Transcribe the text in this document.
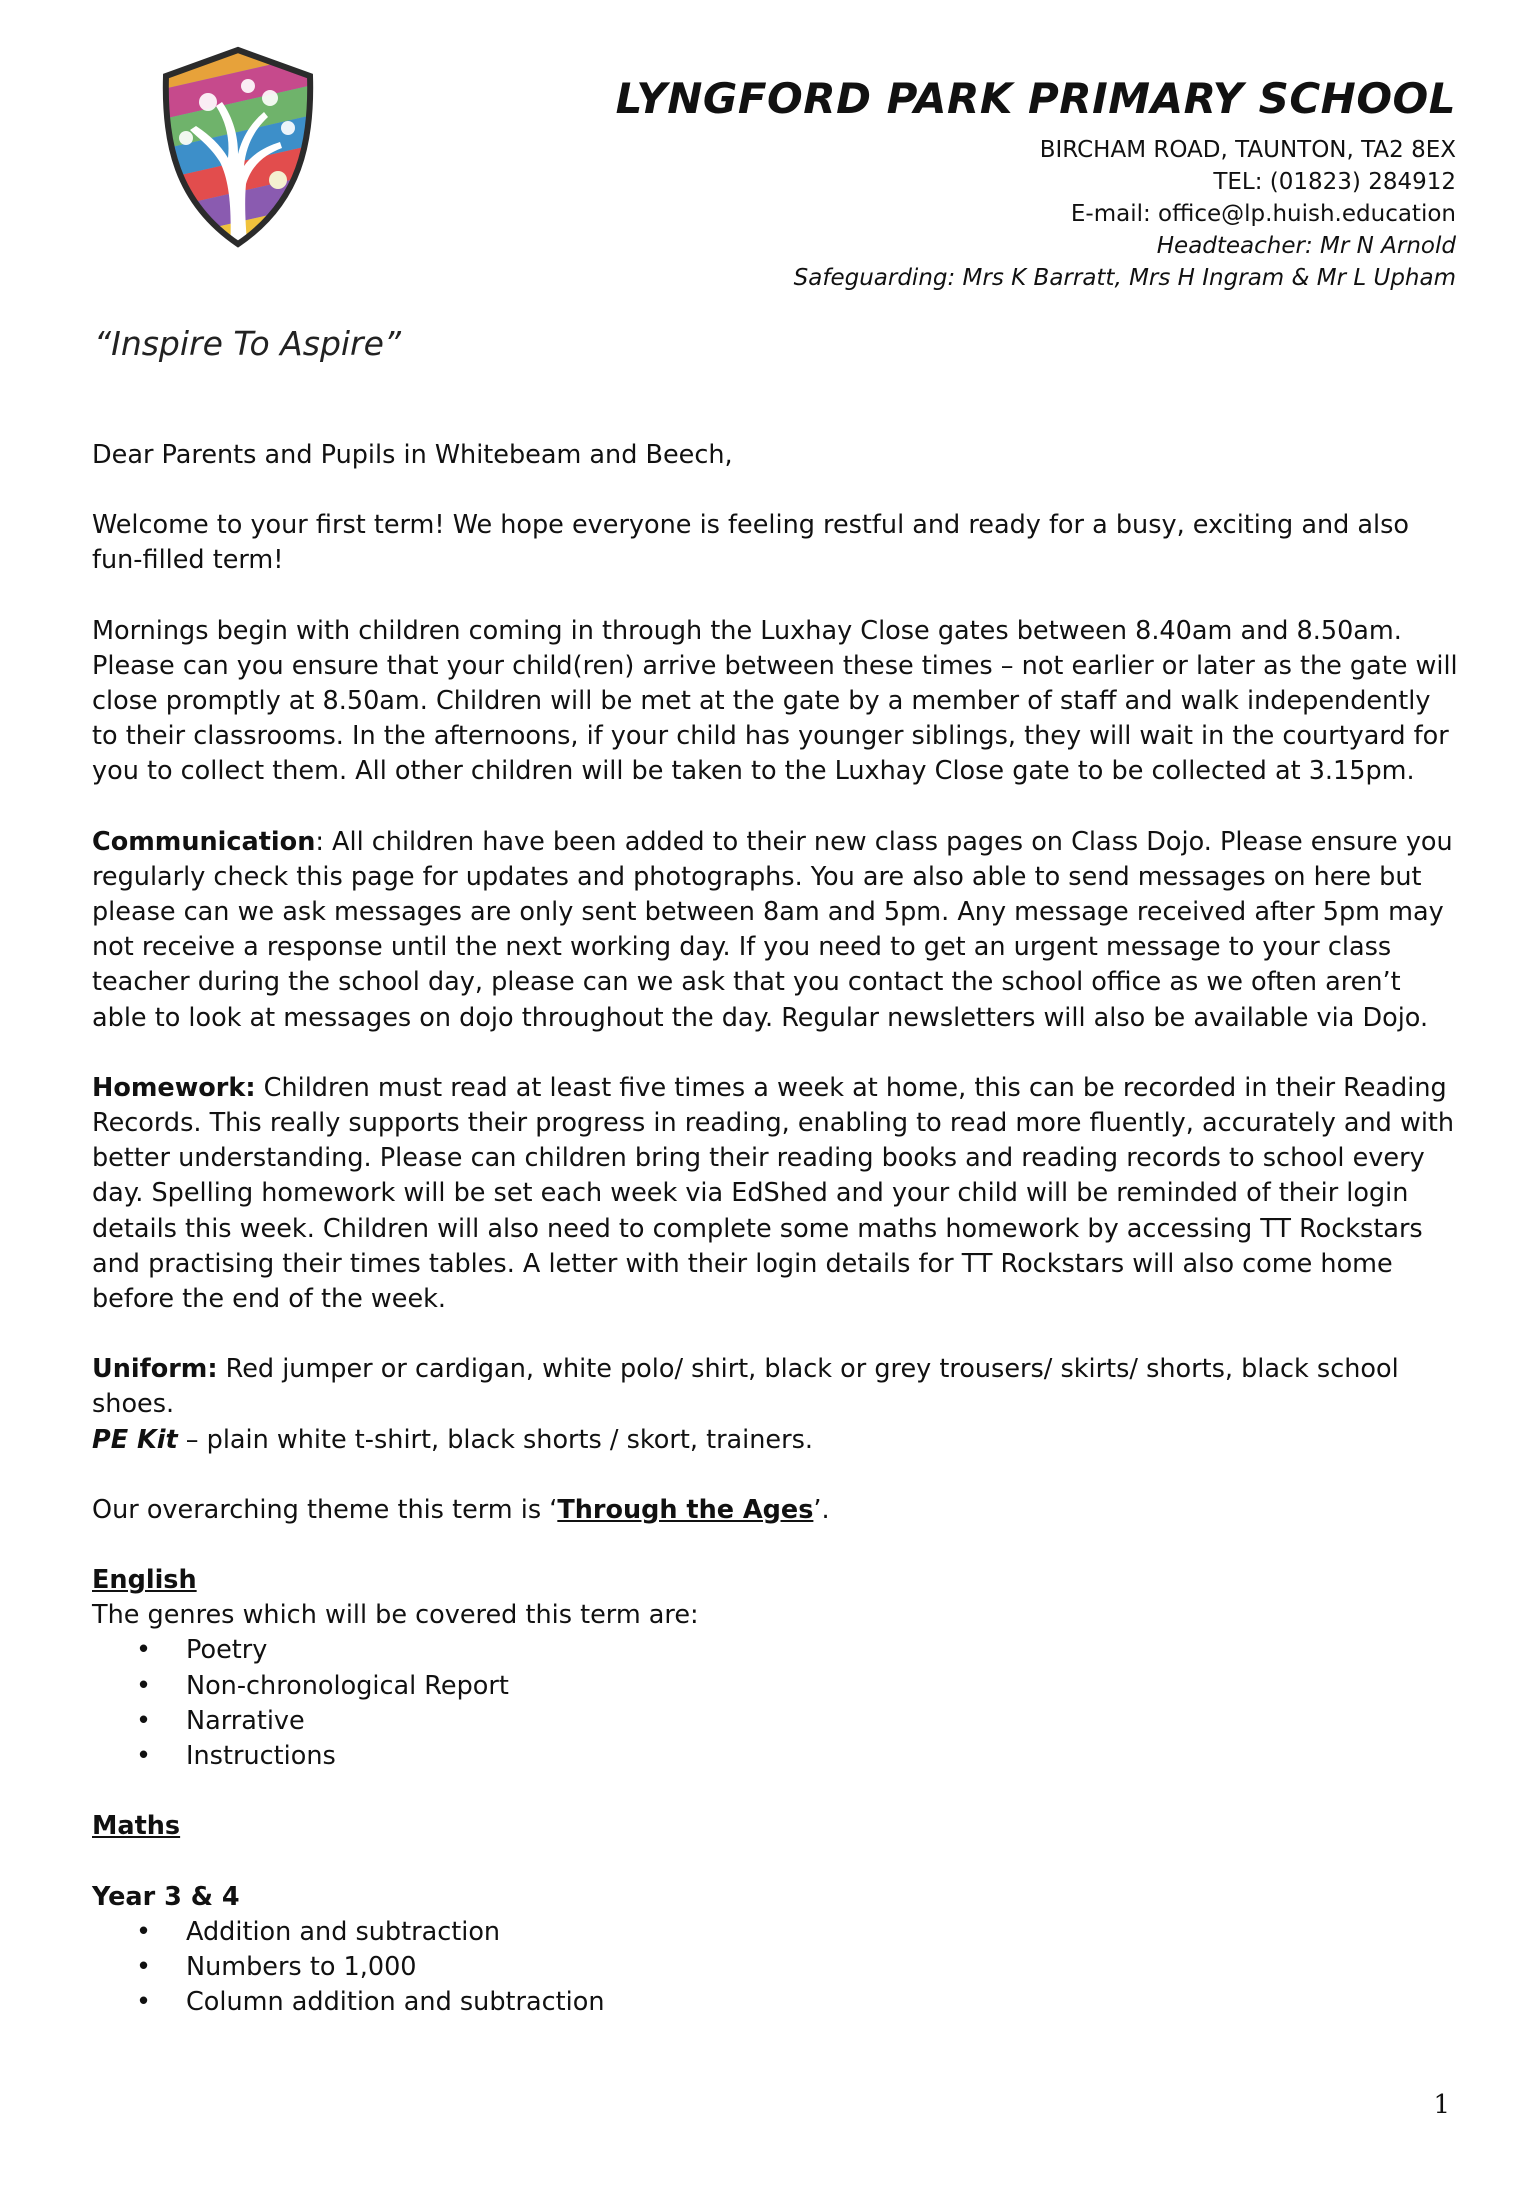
LYNGFORD PARK PRIMARY SCHOOL
BIRCHAM ROAD, TAUNTON, TA2 8EX
TEL: (01823) 284912
E-mail: office@lp.huish.education
Headteacher: Mr N Arnold
Safeguarding: Mrs K Barratt, Mrs H Ingram & Mr L Upham
“Inspire To Aspire”

Dear Parents and Pupils in Whitebeam and Beech,

Welcome to your first term! We hope everyone is feeling restful and ready for a busy, exciting and also fun-filled term!

Mornings begin with children coming in through the Luxhay Close gates between 8.40am and 8.50am. Please can you ensure that your child(ren) arrive between these times – not earlier or later as the gate will close promptly at 8.50am. Children will be met at the gate by a member of staff and walk independently to their classrooms. In the afternoons, if your child has younger siblings, they will wait in the courtyard for you to collect them. All other children will be taken to the Luxhay Close gate to be collected at 3.15pm.

Communication: All children have been added to their new class pages on Class Dojo. Please ensure you regularly check this page for updates and photographs. You are also able to send messages on here but please can we ask messages are only sent between 8am and 5pm. Any message received after 5pm may not receive a response until the next working day. If you need to get an urgent message to your class teacher during the school day, please can we ask that you contact the school office as we often aren’t able to look at messages on dojo throughout the day. Regular newsletters will also be available via Dojo.

Homework: Children must read at least five times a week at home, this can be recorded in their Reading Records. This really supports their progress in reading, enabling to read more fluently, accurately and with better understanding. Please can children bring their reading books and reading records to school every day. Spelling homework will be set each week via EdShed and your child will be reminded of their login details this week. Children will also need to complete some maths homework by accessing TT Rockstars and practising their times tables. A letter with their login details for TT Rockstars will also come home before the end of the week.

Uniform: Red jumper or cardigan, white polo/ shirt, black or grey trousers/ skirts/ shorts, black school shoes.
PE Kit – plain white t-shirt, black shorts / skort, trainers.

Our overarching theme this term is ‘Through the Ages’.

English
The genres which will be covered this term are:
• Poetry
• Non-chronological Report
• Narrative
• Instructions
Maths
Year 3 & 4
• Addition and subtraction
• Numbers to 1,000
• Column addition and subtraction
1
